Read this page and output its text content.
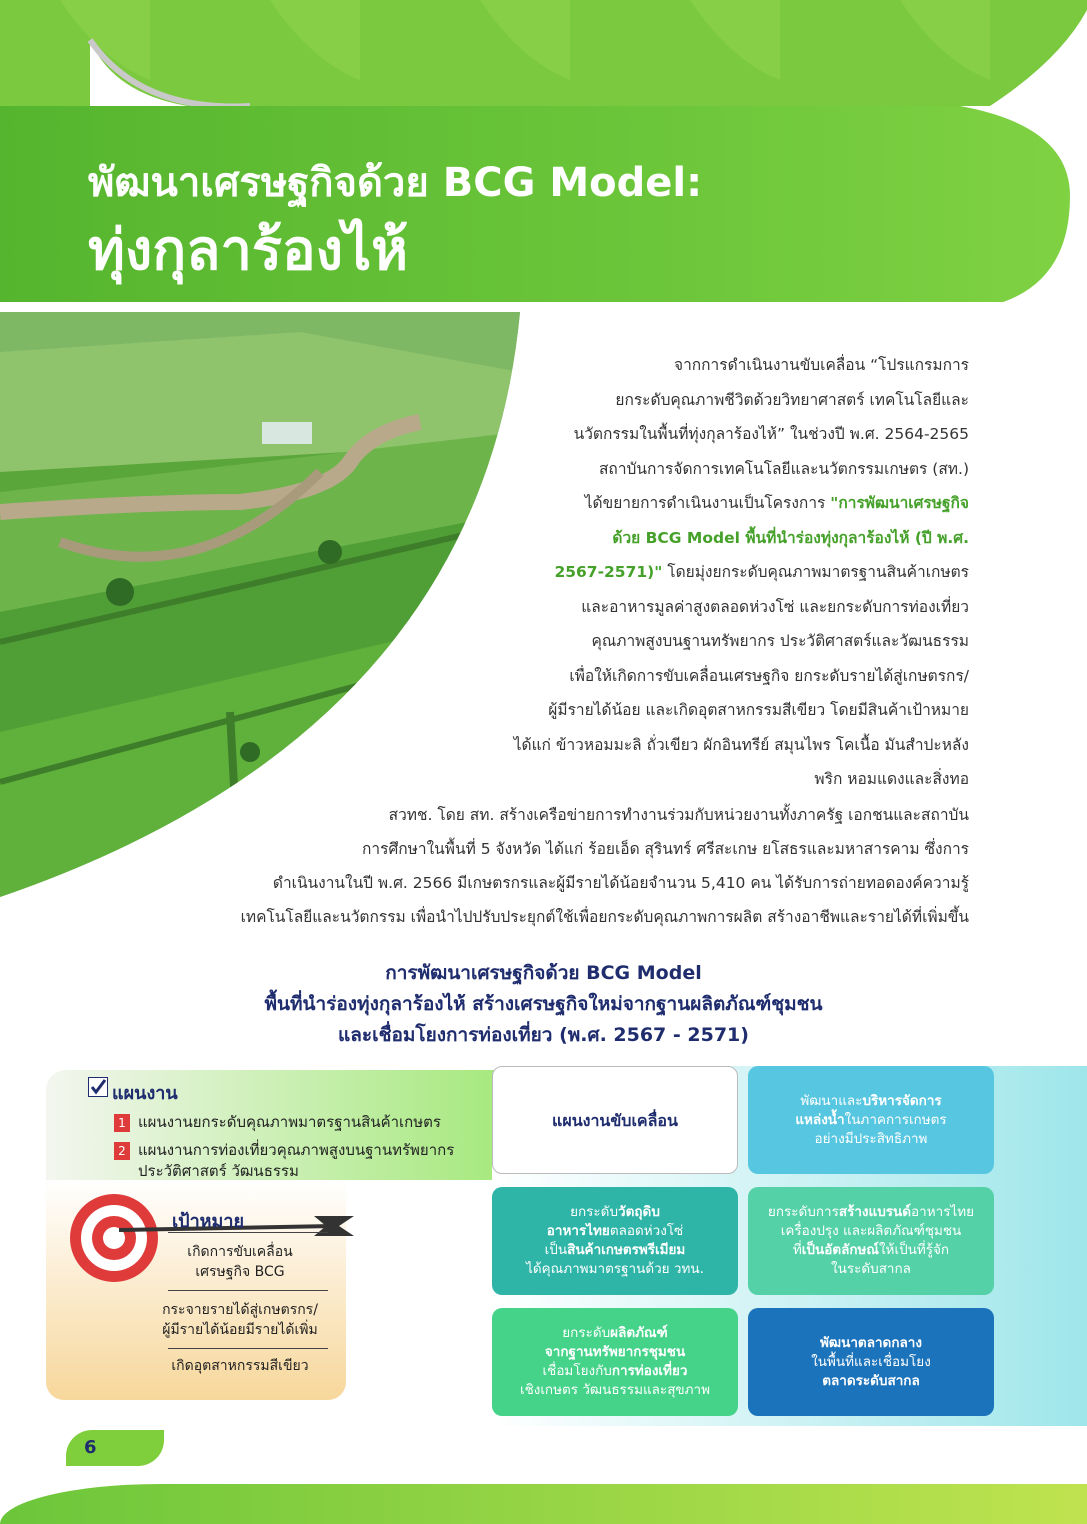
พัฒนาเศรษฐกิจด้วย BCG Model:
ทุ่งกุลาร้องไห้
จากการดำเนินงานขับเคลื่อน “โปรแกรมการ
ยกระดับคุณภาพชีวิตด้วยวิทยาศาสตร์ เทคโนโลยีและ
นวัตกรรมในพื้นที่ทุ่งกุลาร้องไห้” ในช่วงปี พ.ศ. 2564-2565
สถาบันการจัดการเทคโนโลยีและนวัตกรรมเกษตร (สท.)
ได้ขยายการดำเนินงานเป็นโครงการ "การพัฒนาเศรษฐกิจ
ด้วย BCG Model พื้นที่นำร่องทุ่งกุลาร้องไห้ (ปี พ.ศ.
2567-2571)" โดยมุ่งยกระดับคุณภาพมาตรฐานสินค้าเกษตร
และอาหารมูลค่าสูงตลอดห่วงโซ่ และยกระดับการท่องเที่ยว
คุณภาพสูงบนฐานทรัพยากร ประวัติศาสตร์และวัฒนธรรม
เพื่อให้เกิดการขับเคลื่อนเศรษฐกิจ ยกระดับรายได้สู่เกษตรกร/
ผู้มีรายได้น้อย และเกิดอุตสาหกรรมสีเขียว โดยมีสินค้าเป้าหมาย
ได้แก่ ข้าวหอมมะลิ ถั่วเขียว ผักอินทรีย์ สมุนไพร โคเนื้อ มันสำปะหลัง
พริก หอมแดงและสิ่งทอ
สวทช. โดย สท. สร้างเครือข่ายการทำงานร่วมกับหน่วยงานทั้งภาครัฐ เอกชนและสถาบัน
การศึกษาในพื้นที่ 5 จังหวัด ได้แก่ ร้อยเอ็ด สุรินทร์ ศรีสะเกษ ยโสธรและมหาสารคาม ซึ่งการ
ดำเนินงานในปี พ.ศ. 2566 มีเกษตรกรและผู้มีรายได้น้อยจำนวน 5,410 คน ได้รับการถ่ายทอดองค์ความรู้
เทคโนโลยีและนวัตกรรม เพื่อนำไปปรับประยุกต์ใช้เพื่อยกระดับคุณภาพการผลิต สร้างอาชีพและรายได้ที่เพิ่มขึ้น
การพัฒนาเศรษฐกิจด้วย BCG Model
พื้นที่นำร่องทุ่งกุลาร้องไห้ สร้างเศรษฐกิจใหม่จากฐานผลิตภัณฑ์ชุมชน
และเชื่อมโยงการท่องเที่ยว (พ.ศ. 2567 - 2571)
แผนงาน
1 แผนงานยกระดับคุณภาพมาตรฐานสินค้าเกษตร
2 แผนงานการท่องเที่ยวคุณภาพสูงบนฐานทรัพยากร
ประวัติศาสตร์ วัฒนธรรม
เป้าหมาย
เกิดการขับเคลื่อน
เศรษฐกิจ BCG
กระจายรายได้สู่เกษตรกร/
ผู้มีรายได้น้อยมีรายได้เพิ่ม
เกิดอุตสาหกรรมสีเขียว
แผนงานขับเคลื่อน
พัฒนาและบริหารจัดการ
แหล่งน้ำในภาคการเกษตร
อย่างมีประสิทธิภาพ
ยกระดับวัตถุดิบ
อาหารไทยตลอดห่วงโซ่
เป็นสินค้าเกษตรพรีเมียม
ได้คุณภาพมาตรฐานด้วย วทน.
ยกระดับการสร้างแบรนด์อาหารไทย
เครื่องปรุง และผลิตภัณฑ์ชุมชน
ที่เป็นอัตลักษณ์ให้เป็นที่รู้จัก
ในระดับสากล
ยกระดับผลิตภัณฑ์
จากฐานทรัพยากรชุมชน
เชื่อมโยงกับการท่องเที่ยว
เชิงเกษตร วัฒนธรรมและสุขภาพ
พัฒนาตลาดกลาง
ในพื้นที่และเชื่อมโยง
ตลาดระดับสากล
6
